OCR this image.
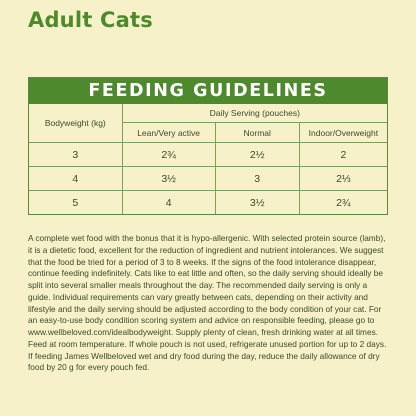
Adult Cats
FEEDING GUIDELINES
Bodyweight (kg)	Daily Serving (pouches)		
	Lean/Very active	Normal	Indoor/Overweight
3	2¾	2½	2
4	3½	3	2⅓
5	4	3½	2¾

A complete wet food with the bonus that it is hypo-allergenic. With selected protein source (lamb), it is a dietetic food, excellent for the reduction of ingredient and nutrient intolerances. We suggest that the food be tried for a period of 3 to 8 weeks. If the signs of the food intolerance disappear, continue feeding indefinitely. Cats like to eat little and often, so the daily serving should ideally be split into several smaller meals throughout the day. The recommended daily serving is only a guide. Individual requirements can vary greatly between cats, depending on their activity and lifestyle and the daily serving should be adjusted according to the body condition of your cat. For an easy-to-use body condition scoring system and advice on responsible feeding, please go to www.wellbeloved.com/idealbodyweight. Supply plenty of clean, fresh drinking water at all times. Feed at room temperature. If whole pouch is not used, refrigerate unused portion for up to 2 days. If feeding James Wellbeloved wet and dry food during the day, reduce the daily allowance of dry food by 20 g for every pouch fed.
